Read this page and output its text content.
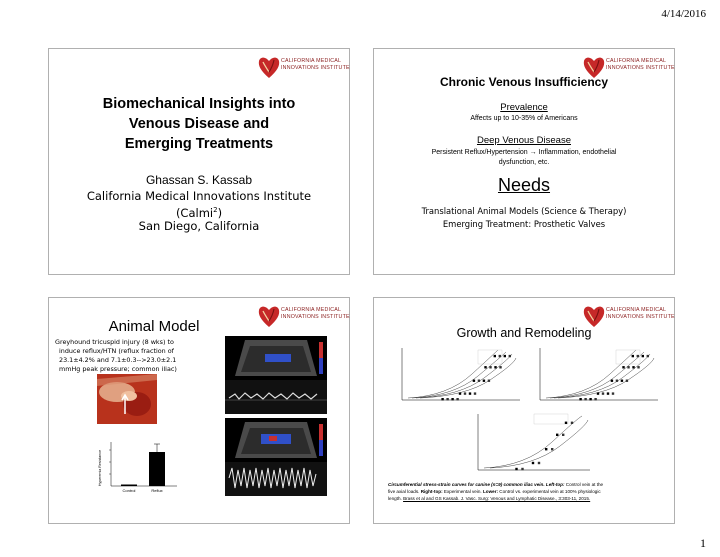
4/14/2016
CALIFORNIA MEDICAL
INNOVATIONS INSTITUTE
Biomechanical Insights into
Venous Disease and
Emerging Treatments
Ghassan S. Kassab
California Medical Innovations Institute
(Calmi$^2$)
San Diego, California
CALIFORNIA MEDICAL
INNOVATIONS INSTITUTE
Chronic Venous Insufficiency
Prevalence
Affects up to 10-35% of Americans
Deep Venous Disease
Persistent Reflux/Hypertension → Inflammation, endothelial
dysfunction, etc.
Needs
Translational Animal Models (Science & Therapy)
Emerging Treatment: Prosthetic Valves
CALIFORNIA MEDICAL
INNOVATIONS INSTITUTE
Animal Model
Greyhound tricuspid injury (8 wks) to
induce reflux/HTN (reflux fraction of
23.1±4.2% and 7.1±0.3-->23.0±2.1
mmHg peak pressure; common iliac)
Hyperemia Resistance
Control	Reflux
CALIFORNIA MEDICAL
INNOVATIONS INSTITUTE
Growth and Remodeling
Circumferential stress-strain curves for canine (n=9) common iliac vein. Left-top: Control vein at the
five axial loads. Right-top: Experimental vein. Lower: Control vs. experimental vein at 100% physiologic
length. Brass et al and GS Kassab. J. Vasc. Surg: Venous and Lymphatic Disease., 3:303-11, 2015.
1
